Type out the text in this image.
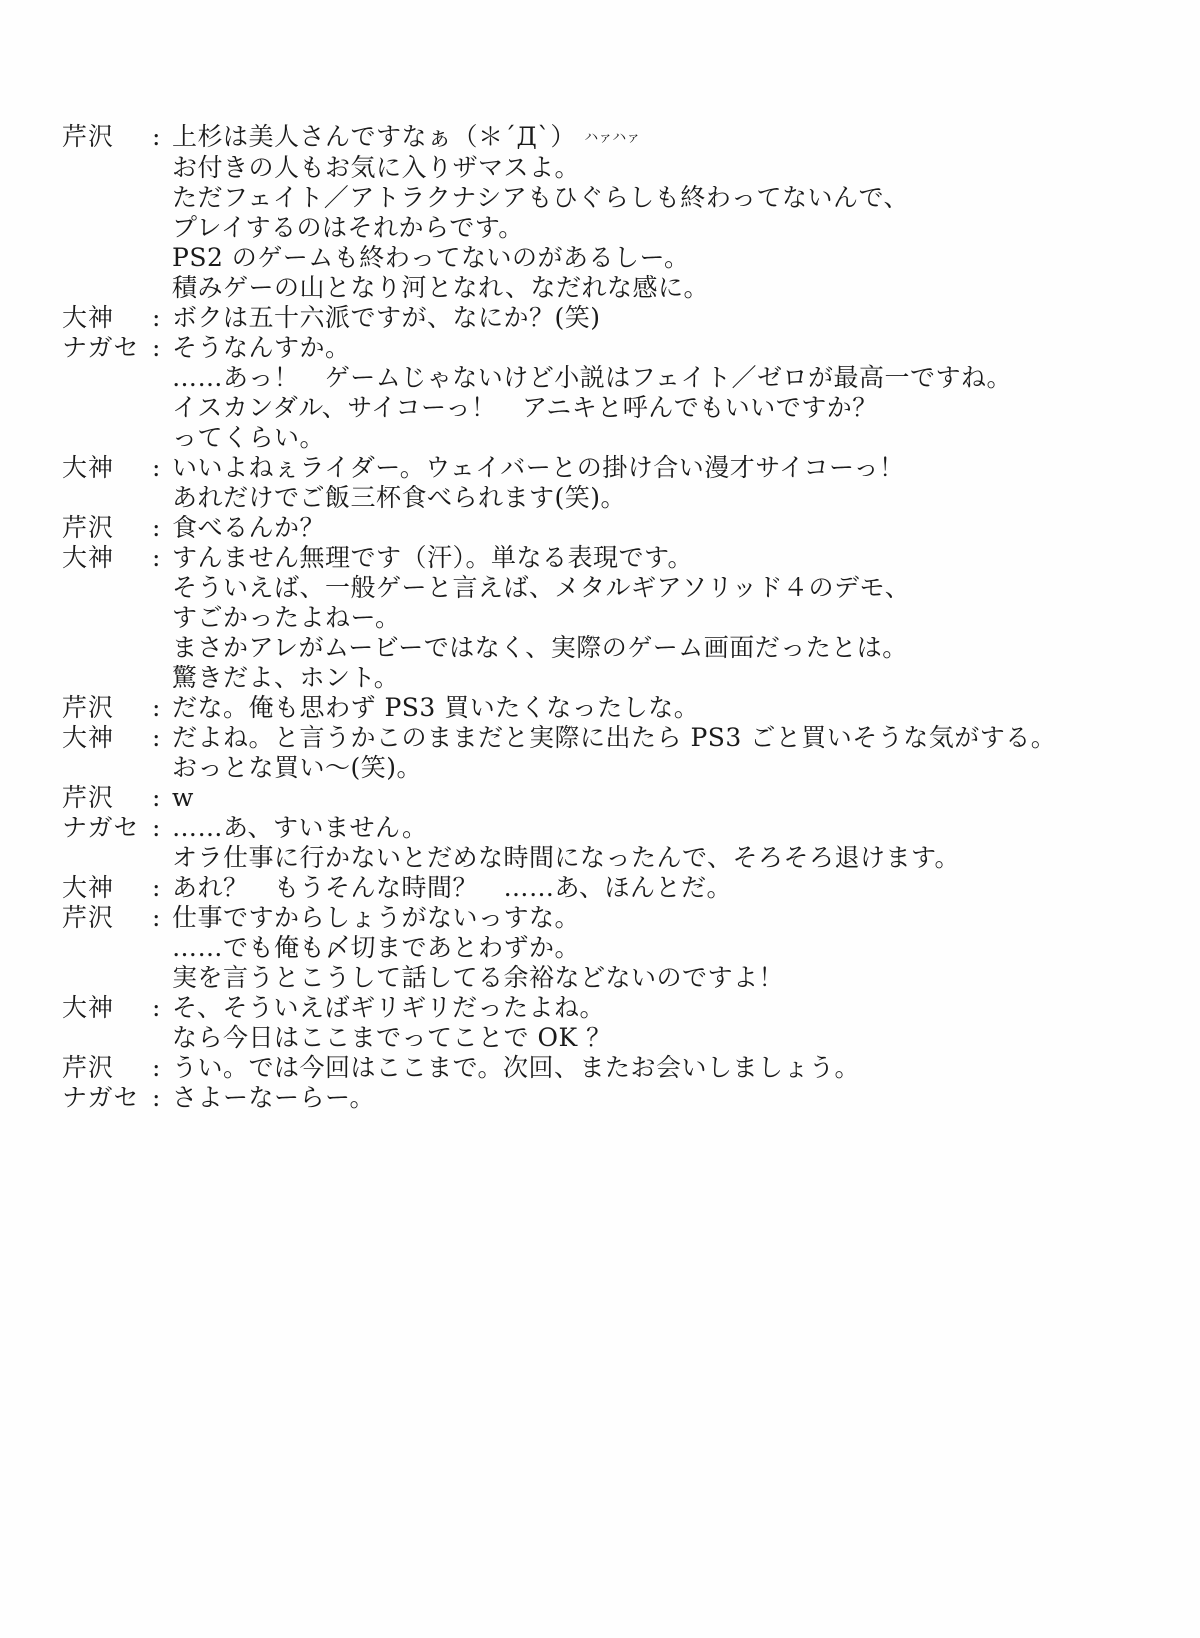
芹沢	: 上杉は美人さんですなぁ（＊´Д`） ハァハァ
お付きの人もお気に入りザマスよ。
ただフェイト／アトラクナシアもひぐらしも終わってないんで、
プレイするのはそれからです。
PS2 のゲームも終わってないのがあるしー。
積みゲーの山となり河となれ、なだれな感に。
大神	: ボクは五十六派ですが、なにか？(笑)
ナガセ : そうなんすか。
……あっ！　ゲームじゃないけど小説はフェイト／ゼロが最高一ですね。
イスカンダル、サイコーっ！　アニキと呼んでもいいですか？
ってくらい。
大神	: いいよねぇライダー。ウェイバーとの掛け合い漫才サイコーっ！
あれだけでご飯三杯食べられます(笑)。
芹沢	: 食べるんか？
大神	: すんません無理です（汗）。単なる表現です。
そういえば、一般ゲーと言えば、メタルギアソリッド４のデモ、
すごかったよねー。
まさかアレがムービーではなく、実際のゲーム画面だったとは。
驚きだよ、ホント。
芹沢	: だな。俺も思わず PS3 買いたくなったしな。
大神	: だよね。と言うかこのままだと実際に出たら PS3 ごと買いそうな気がする。
おっとな買い～(笑)。
芹沢	: w
ナガセ : ……あ、すいません。
オラ仕事に行かないとだめな時間になったんで、そろそろ退けます。
大神	: あれ？　もうそんな時間？　……あ、ほんとだ。
芹沢	: 仕事ですからしょうがないっすな。
……でも俺も〆切まであとわずか。
実を言うとこうして話してる余裕などないのですよ！
大神	: そ、そういえばギリギリだったよね。
なら今日はここまでってことで OK ？
芹沢	: うい。では今回はここまで。次回、またお会いしましょう。
ナガセ : さよーなーらー。
